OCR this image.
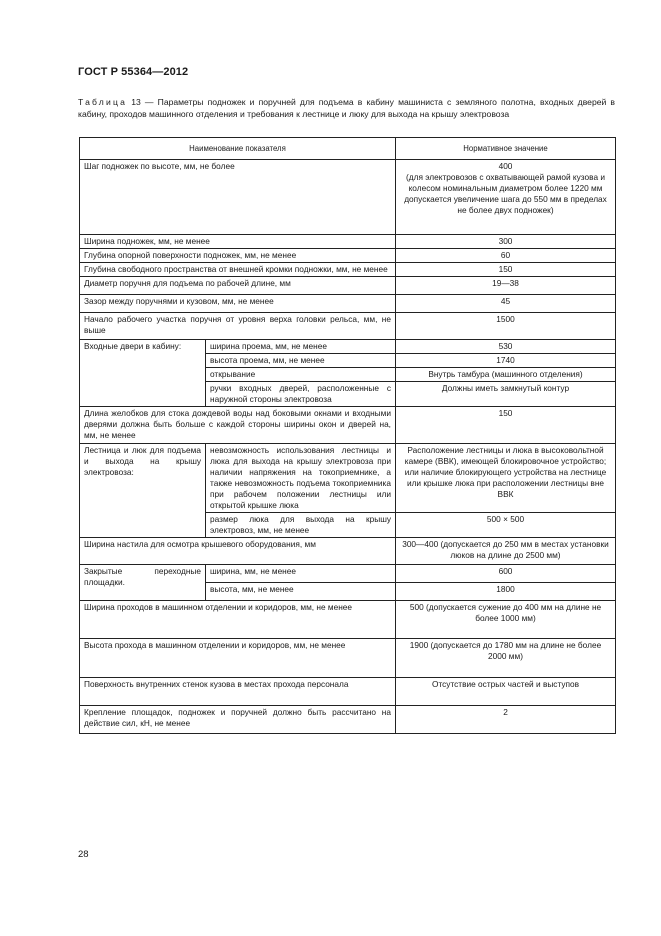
ГОСТ Р 55364—2012
Таблица 13 — Параметры подножек и поручней для подъема в кабину машиниста с земляного полотна, входных дверей в кабину, проходов машинного отделения и требования к лестнице и люку для выхода на крышу электровоза
Наименование показателя		Нормативное значение
Шаг подножек по высоте, мм, не более		400
(для электровозов с охватывающей рамой кузова и колесом номинальным диаметром более 1220 мм допускается увеличение шага до 550 мм в пределах не более двух подножек)

Ширина подножек, мм, не менее		300
Глубина опорной поверхности подножек, мм, не менее		60
Глубина свободного пространства от внешней кромки подножки, мм, не менее		150
Диаметр поручня для подъема по рабочей длине, мм		19—38
Зазор между поручнями и кузовом, мм, не менее		45
Начало рабочего участка поручня от уровня верха головки рельса, мм, не выше		1500
Входные двери в кабину:	ширина проема, мм, не менее	530
	высота проема, мм, не менее	1740
	открывание	Внутрь тамбура (машинного отделения)
	ручки входных дверей, расположенные с наружной стороны электровоза	Должны иметь замкнутый контур
Длина желобков для стока дождевой воды над боковыми окнами и входными дверями должна быть больше с каждой стороны ширины окон и дверей на, мм, не менее		150
Лестница и люк для подъема и выхода на крышу электровоза:	невозможность использования лестницы и люка для выхода на крышу электровоза при наличии напряжения на токоприемнике, а также невозможность подъема токоприемника при рабочем положении лестницы или открытой крышке люка	Расположение лестницы и люка в высоковольтной камере (ВВК), имеющей блокировочное устройство; или наличие блокирующего устройства на лестнице или крышке люка при расположении лестницы вне ВВК
	размер люка для выхода на крышу электровоз, мм, не менее	500 × 500
Ширина настила для осмотра крышевого оборудования, мм		300—400 (допускается до 250 мм в местах установки люков на длине до 2500 мм)
Закрытые переходные площадки.	ширина, мм, не менее	600
	высота, мм, не менее	1800
Ширина проходов в машинном отделении и коридоров, мм, не менее		500 (допускается сужение до 400 мм на длине не более 1000 мм)
Высота прохода в машинном отделении и коридоров, мм, не менее		1900 (допускается до 1780 мм на длине не более 2000 мм)
Поверхность внутренних стенок кузова в местах прохода персонала		Отсутствие острых частей и выступов
Крепление площадок, подножек и поручней должно быть рассчитано на действие сил, кН, не менее		2
28
